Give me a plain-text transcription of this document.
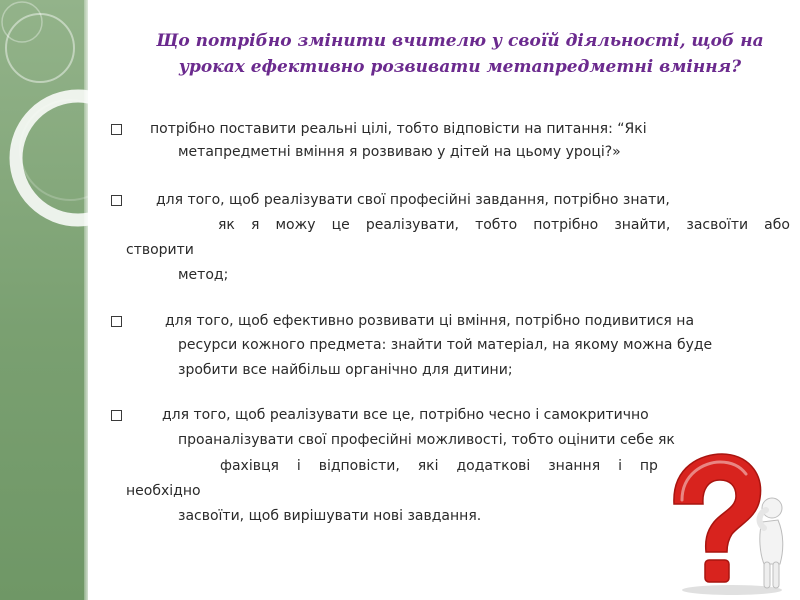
Що потрібно змінити вчителю у своїй діяльності, щоб на
уроках ефективно розвивати метапредметні вміння?
потрібно поставити реальні цілі, тобто відповісти на питання: “Які
метапредметні вміння я розвиваю у дітей на цьому уроці?»
для того, щоб реалізувати свої професійні завдання, потрібно знати,
як я можу це реалізувати, тобто потрібно знайти, засвоїти або
створити
метод;
для того, щоб ефективно розвивати ці вміння, потрібно подивитися на
ресурси кожного предмета: знайти той матеріал, на якому можна буде
зробити все найбільш органічно для дитини;
для того, щоб реалізувати все це, потрібно чесно і самокритично
проаналізувати свої професійні можливості, тобто оцінити себе як
фахівця і відповісти, які додаткові знання і пр
необхідно
засвоїти, щоб вирішувати нові завдання.
